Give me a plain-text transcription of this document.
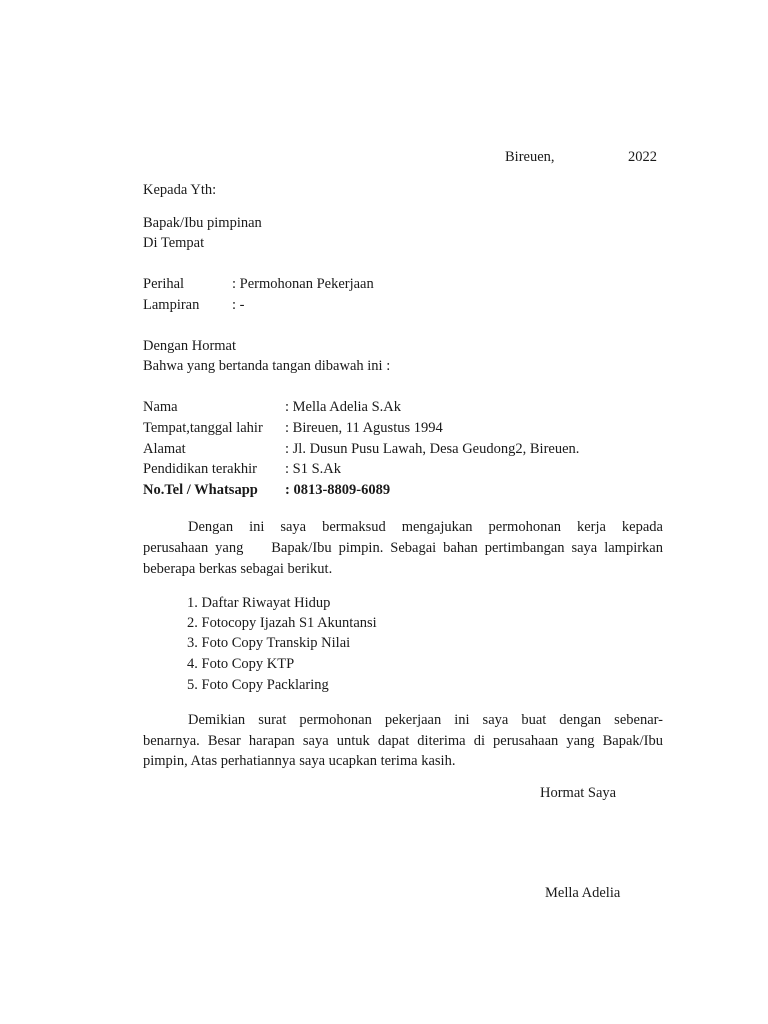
Bireuen,	2022
Kepada Yth:
Bapak/Ibu pimpinan
Di Tempat
Perihal	: Permohonan Pekerjaan
Lampiran : -
Dengan Hormat
Bahwa yang bertanda tangan dibawah ini :
Nama	: Mella Adelia S.Ak
Tempat,tanggal lahir : Bireuen, 11 Agustus 1994
Alamat	: Jl. Dusun Pusu Lawah, Desa Geudong2, Bireuen.
Pendidikan terakhir : S1 S.Ak
No.Tel / Whatsapp : 0813-8809-6089
Dengan ini saya bermaksud mengajukan permohonan kerja kepada
perusahaan yang    Bapak/Ibu pimpin. Sebagai bahan pertimbangan saya lampirkan
beberapa berkas sebagai berikut.
1. Daftar Riwayat Hidup
2. Fotocopy Ijazah S1 Akuntansi
3. Foto Copy Transkip Nilai
4. Foto Copy KTP
5. Foto Copy Packlaring
Demikian surat permohonan pekerjaan ini saya buat dengan sebenar-
benarnya. Besar harapan saya untuk dapat diterima di perusahaan yang Bapak/Ibu
pimpin, Atas perhatiannya saya ucapkan terima kasih.
Hormat Saya
Mella Adelia
